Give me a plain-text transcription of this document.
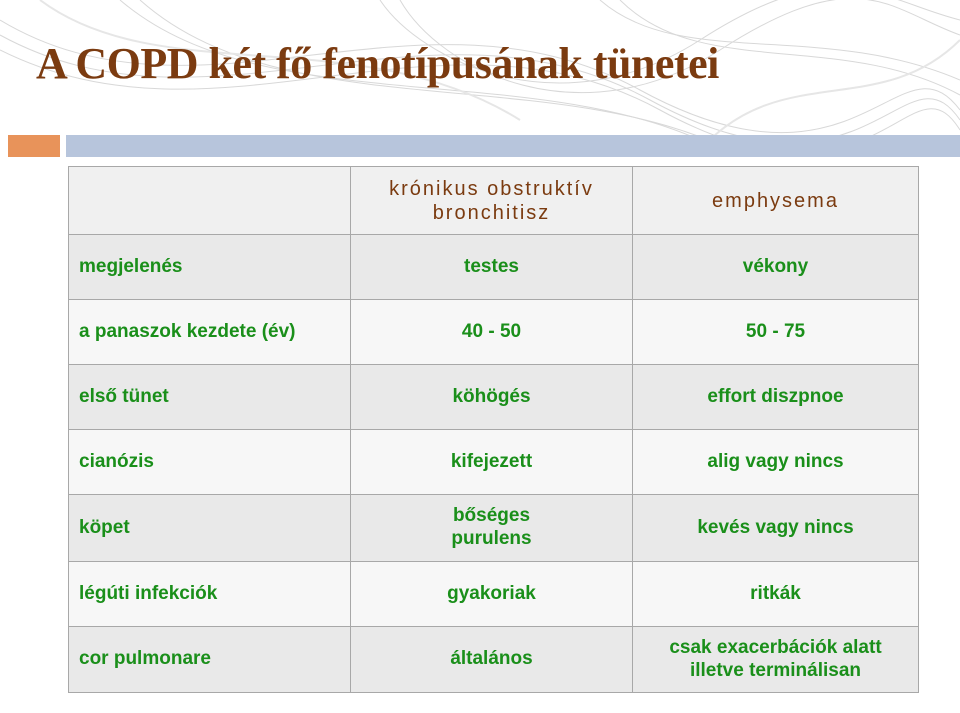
A COPD két fő fenotípusának tünetei
	krónikus obstruktív bronchitisz	emphysema
megjelenés	testes	vékony
a panaszok kezdete (év)	40 - 50	50 - 75
első tünet	köhögés	effort diszpnoe
cianózis	kifejezett	alig vagy nincs
köpet	bőséges purulens	kevés vagy nincs
légúti infekciók	gyakoriak	ritkák
cor pulmonare	általános	csak exacerbációk alatt illetve terminálisan
